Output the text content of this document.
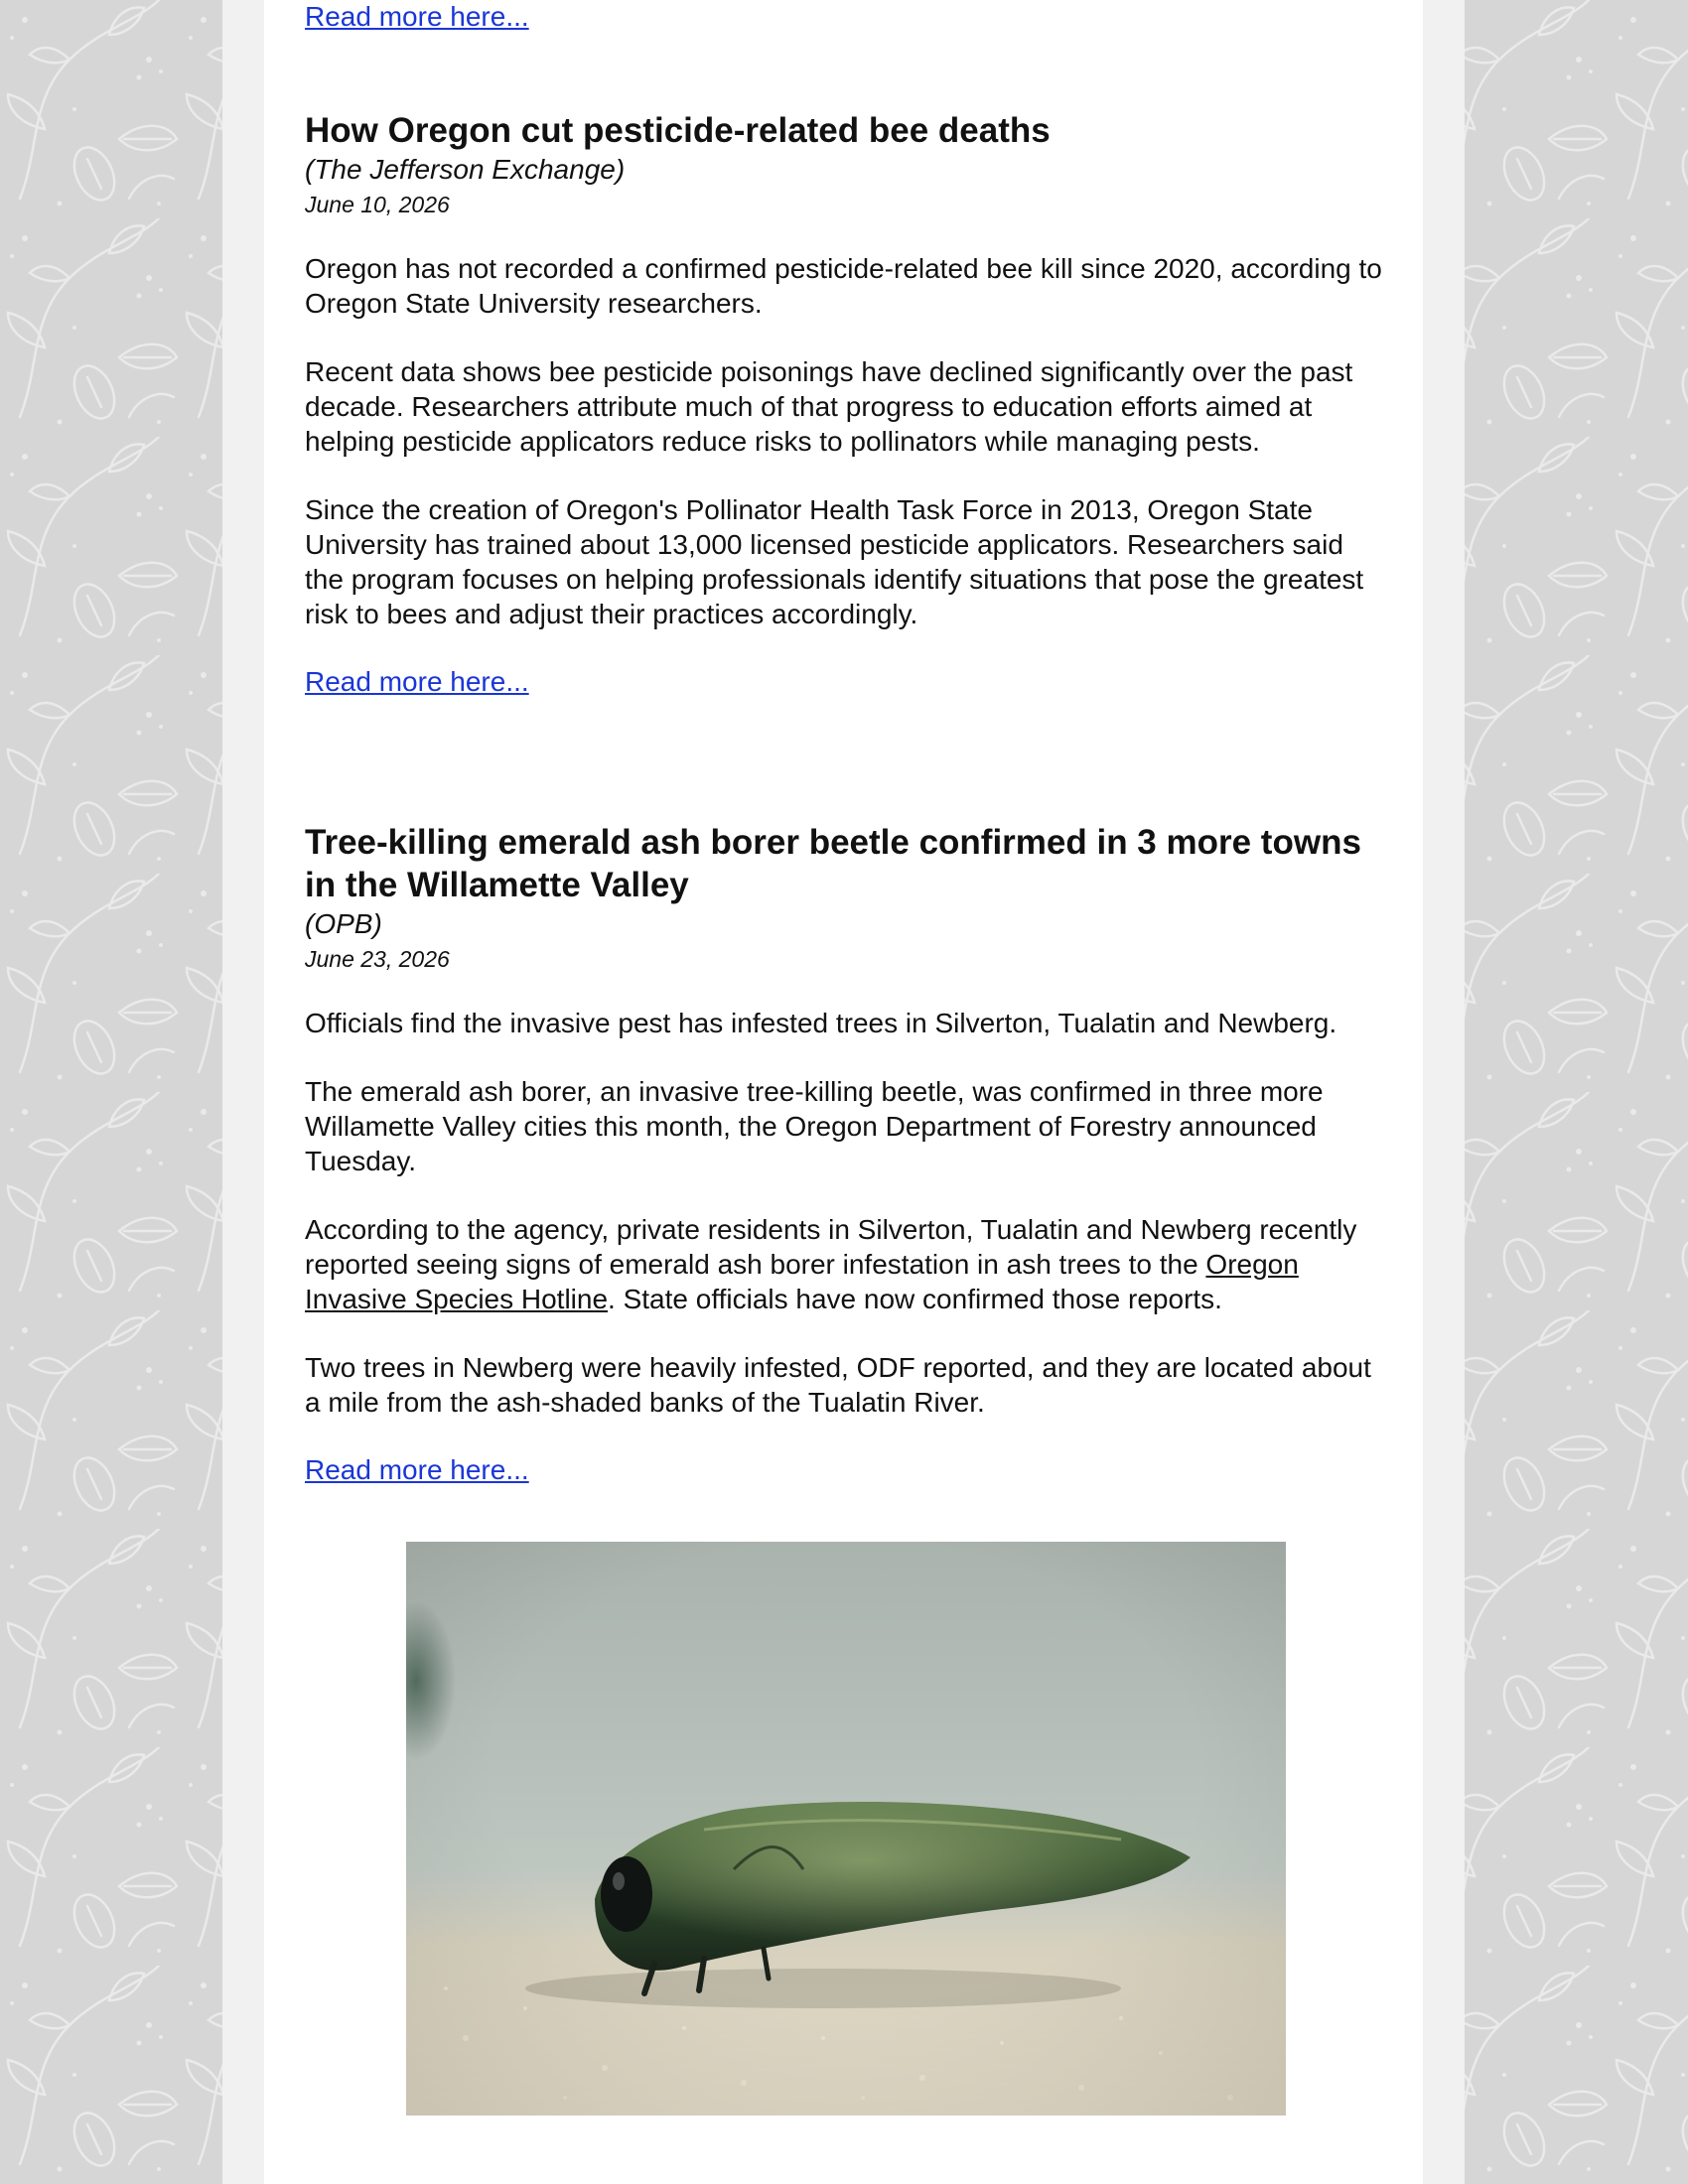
Read more here...
How Oregon cut pesticide-related bee deaths

(The Jefferson Exchange)

June 10, 2026

Oregon has not recorded a confirmed pesticide-related bee kill since 2020, according to Oregon State University researchers.

Recent data shows bee pesticide poisonings have declined significantly over the past decade. Researchers attribute much of that progress to education efforts aimed at helping pesticide applicators reduce risks to pollinators while managing pests.

Since the creation of Oregon's Pollinator Health Task Force in 2013, Oregon State University has trained about 13,000 licensed pesticide applicators. Researchers said the program focuses on helping professionals identify situations that pose the greatest risk to bees and adjust their practices accordingly.

Read more here...
Tree-killing emerald ash borer beetle confirmed in 3 more towns in the Willamette Valley

(OPB)

June 23, 2026

Officials find the invasive pest has infested trees in Silverton, Tualatin and Newberg.

The emerald ash borer, an invasive tree-killing beetle, was confirmed in three more Willamette Valley cities this month, the Oregon Department of Forestry announced Tuesday.

According to the agency, private residents in Silverton, Tualatin and Newberg recently reported seeing signs of emerald ash borer infestation in ash trees to the Oregon Invasive Species Hotline. State officials have now confirmed those reports.

Two trees in Newberg were heavily infested, ODF reported, and they are located about a mile from the ash-shaded banks of the Tualatin River.

Read more here...
